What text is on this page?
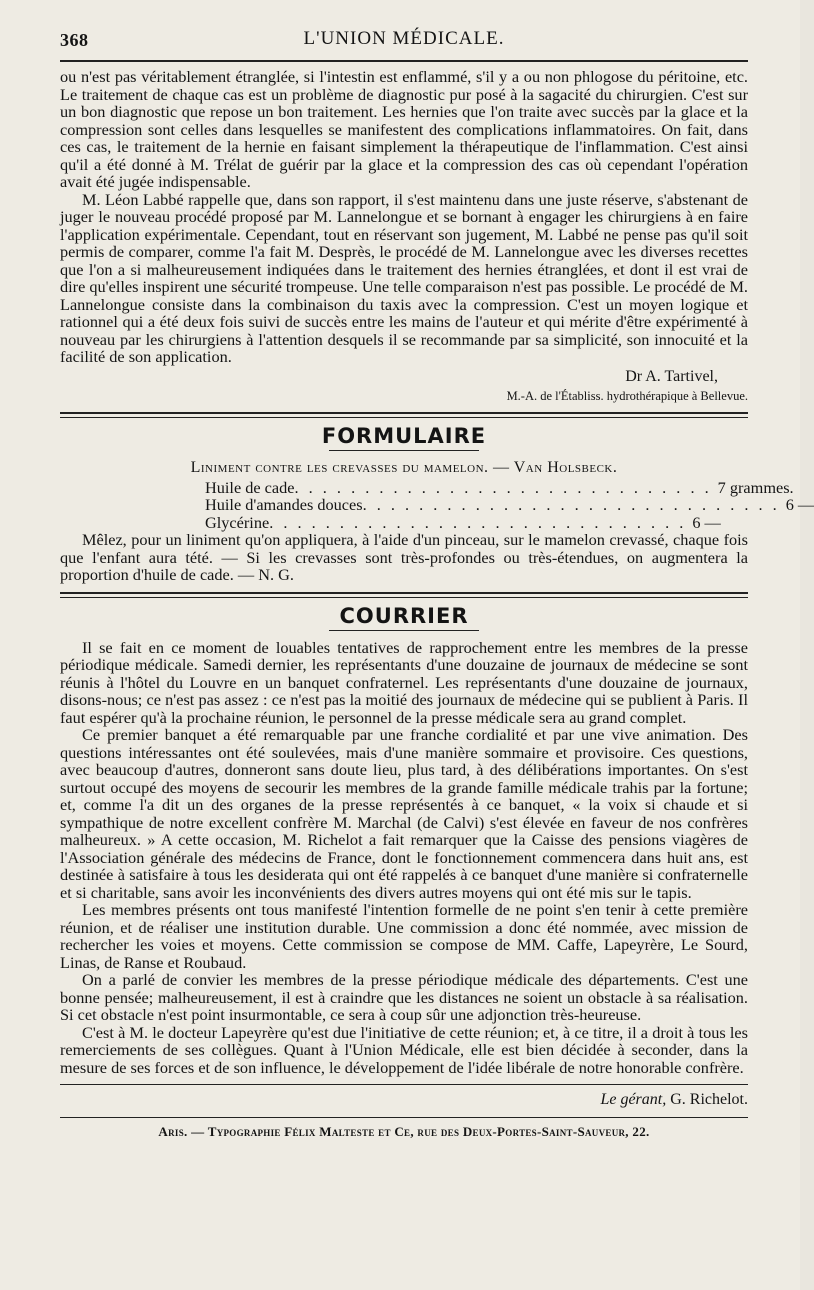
368	L'UNION MÉDICALE.

ou n'est pas véritablement étranglée, si l'intestin est enflammé, s'il y a ou non phlogose du péritoine, etc. Le traitement de chaque cas est un problème de diagnostic pur posé à la sagacité du chirurgien. C'est sur un bon diagnostic que repose un bon traitement. Les hernies que l'on traite avec succès par la glace et la compression sont celles dans lesquelles se manifestent des complications inflammatoires. On fait, dans ces cas, le traitement de la hernie en faisant simplement la thérapeutique de l'inflammation. C'est ainsi qu'il a été donné à M. Trélat de guérir par la glace et la compression des cas où cependant l'opération avait été jugée indispensable.

M. Léon Labbé rappelle que, dans son rapport, il s'est maintenu dans une juste réserve, s'abstenant de juger le nouveau procédé proposé par M. Lannelongue et se bornant à engager les chirurgiens à en faire l'application expérimentale. Cependant, tout en réservant son jugement, M. Labbé ne pense pas qu'il soit permis de comparer, comme l'a fait M. Desprès, le procédé de M. Lannelongue avec les diverses recettes que l'on a si malheureusement indiquées dans le traitement des hernies étranglées, et dont il est vrai de dire qu'elles inspirent une sécurité trompeuse. Une telle comparaison n'est pas possible. Le procédé de M. Lannelongue consiste dans la combinaison du taxis avec la compression. C'est un moyen logique et rationnel qui a été deux fois suivi de succès entre les mains de l'auteur et qui mérite d'être expérimenté à nouveau par les chirurgiens à l'attention desquels il se recommande par sa simplicité, son innocuité et la facilité de son application.

Dr A. Tartivel,
M.-A. de l'Établiss. hydrothérapique à Bellevue.
FORMULAIRE
Liniment contre les crevasses du mamelon. — Van Holsbeck.
Huile de cade . . . . . . . . . . . . . . . . . . . . . . . . . . . . . . 7 grammes.
Huile d'amandes douces . . . . . . . . . . . . . . . . . . . . . . . . . . . . . . 6 —
Glycérine . . . . . . . . . . . . . . . . . . . . . . . . . . . . . . 6 —

Mêlez, pour un liniment qu'on appliquera, à l'aide d'un pinceau, sur le mamelon crevassé, chaque fois que l'enfant aura tété. — Si les crevasses sont très-profondes ou très-étendues, on augmentera la proportion d'huile de cade. — N. G.

COURRIER

Il se fait en ce moment de louables tentatives de rapprochement entre les membres de la presse périodique médicale. Samedi dernier, les représentants d'une douzaine de journaux de médecine se sont réunis à l'hôtel du Louvre en un banquet confraternel. Les représentants d'une douzaine de journaux, disons-nous; ce n'est pas assez : ce n'est pas la moitié des journaux de médecine qui se publient à Paris. Il faut espérer qu'à la prochaine réunion, le personnel de la presse médicale sera au grand complet.

Ce premier banquet a été remarquable par une franche cordialité et par une vive animation. Des questions intéressantes ont été soulevées, mais d'une manière sommaire et provisoire. Ces questions, avec beaucoup d'autres, donneront sans doute lieu, plus tard, à des délibérations importantes. On s'est surtout occupé des moyens de secourir les membres de la grande famille médicale trahis par la fortune; et, comme l'a dit un des organes de la presse représentés à ce banquet, « la voix si chaude et si sympathique de notre excellent confrère M. Marchal (de Calvi) s'est élevée en faveur de nos confrères malheureux. » A cette occasion, M. Richelot a fait remarquer que la Caisse des pensions viagères de l'Association générale des médecins de France, dont le fonctionnement commencera dans huit ans, est destinée à satisfaire à tous les desiderata qui ont été rappelés à ce banquet d'une manière si confraternelle et si charitable, sans avoir les inconvénients des divers autres moyens qui ont été mis sur le tapis.

Les membres présents ont tous manifesté l'intention formelle de ne point s'en tenir à cette première réunion, et de réaliser une institution durable. Une commission a donc été nommée, avec mission de rechercher les voies et moyens. Cette commission se compose de MM. Caffe, Lapeyrère, Le Sourd, Linas, de Ranse et Roubaud.

On a parlé de convier les membres de la presse périodique médicale des départements. C'est une bonne pensée; malheureusement, il est à craindre que les distances ne soient un obstacle à sa réalisation. Si cet obstacle n'est point insurmontable, ce sera à coup sûr une adjonction très-heureuse.

C'est à M. le docteur Lapeyrère qu'est due l'initiative de cette réunion; et, à ce titre, il a droit à tous les remerciements de ses collègues. Quant à l'Union Médicale, elle est bien décidée à seconder, dans la mesure de ses forces et de son influence, le développement de l'idée libérale de notre honorable confrère.

Le gérant, G. Richelot.
Aris. — Typographie Félix Malteste et Ce, rue des Deux-Portes-Saint-Sauveur, 22.
